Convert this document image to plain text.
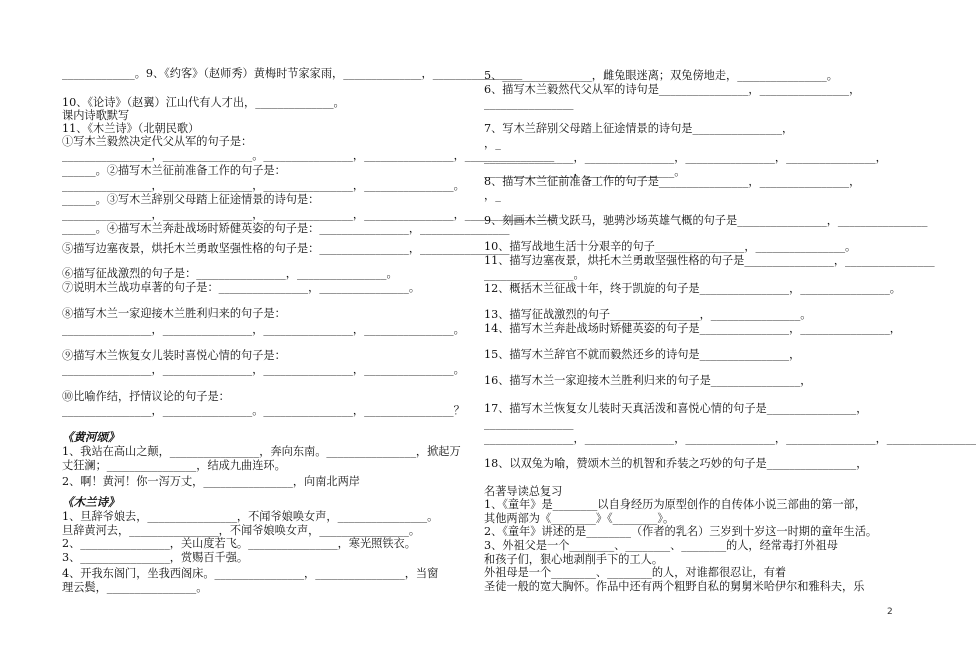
_____________。9、《约客》（赵师秀）黄梅时节家家雨，______________，________________
10、《论诗》（赵翼）江山代有人才出，______________。
课内诗歌默写
11、《木兰诗》（北朝民歌）
①写木兰毅然决定代父从军的句子是：
________________，________________。________________，________________，________________
______。②描写木兰征前准备工作的句子是：
________________，________________，________________，________________。
______。③写木兰辞别父母踏上征途情景的诗句是：
________________，________________，________________，________________，________________
______。④描写木兰奔赴战场时矫健英姿的句子是：________________，________________
⑤描写边塞夜景，烘托木兰勇敢坚强性格的句子是：________________，________________
⑥描写征战激烈的句子是：________________，________________。
⑦说明木兰战功卓著的句子是：________________，________________。
⑧描写木兰一家迎接木兰胜利归来的句子是：
________________，________________，________________，________________。
⑨描写木兰恢复女儿装时喜悦心情的句子是：
________________，________________，________________，________________。
⑩比喻作结，抒情议论的句子是：
________________，________________。________________，________________？
《黄河颂》
1、我站在高山之颠，________________，奔向东南。________________，掀起万
丈狂澜；________________，结成九曲连环。
2、啊！黄河！你一泻万丈，________________，向南北两岸
《木兰诗》
1、旦辞爷娘去，________________，不闻爷娘唤女声，________________。
旦辞黄河去，________________，不闻爷娘唤女声，________________。
2、________________，关山度若飞。________________，寒光照铁衣。
3、________________，赏赐百千强。
4、开我东阁门，坐我西阁床。________________，________________，当窗
理云鬓，________________。
5、________________，雌兔眼迷离；双兔傍地走，________________。
6、描写木兰毅然代父从军的诗句是________________，________________，
________________
7、写木兰辞别父母踏上征途情景的诗句是________________，
，_
________________，________________，________________，________________，
________________，________________。
8、描写木兰征前准备工作的句子是________________，________________，
，_
9、刻画木兰横戈跃马，驰骋沙场英雄气概的句子是________________，________________
10、描写战地生活十分艰辛的句子________________，________________。
11、描写边塞夜景，烘托木兰勇敢坚强性格的句子是________________，________________
________________。
12、概括木兰征战十年，终于凯旋的句子是________________，________________。
13、描写征战激烈的句子________________，________________。
14、描写木兰奔赴战场时矫健英姿的句子是________________，________________，
15、描写木兰辞官不就而毅然还乡的诗句是________________，
16、描写木兰一家迎接木兰胜利归来的句子是________________，
17、描写木兰恢复女儿装时天真活泼和喜悦心情的句子是________________，
________________
________________，________________，________________，________________，________________
18、以双兔为喻，赞颂木兰的机智和乔装之巧妙的句子是________________，
名著导读总复习
1、《童年》是________以自身经历为原型创作的自传体小说三部曲的第一部，
其他两部为《________》《________》。
2、《童年》讲述的是________（作者的乳名）三岁到十岁这一时期的童年生活。
3、外祖父是一个________、________、________的人，经常毒打外祖母
和孩子们，狠心地剥削手下的工人。
外祖母是一个________、________的人，对谁都很忍让，有着
圣徒一般的宽大胸怀。作品中还有两个粗野自私的舅舅米哈伊尔和雅科夫，乐
2
